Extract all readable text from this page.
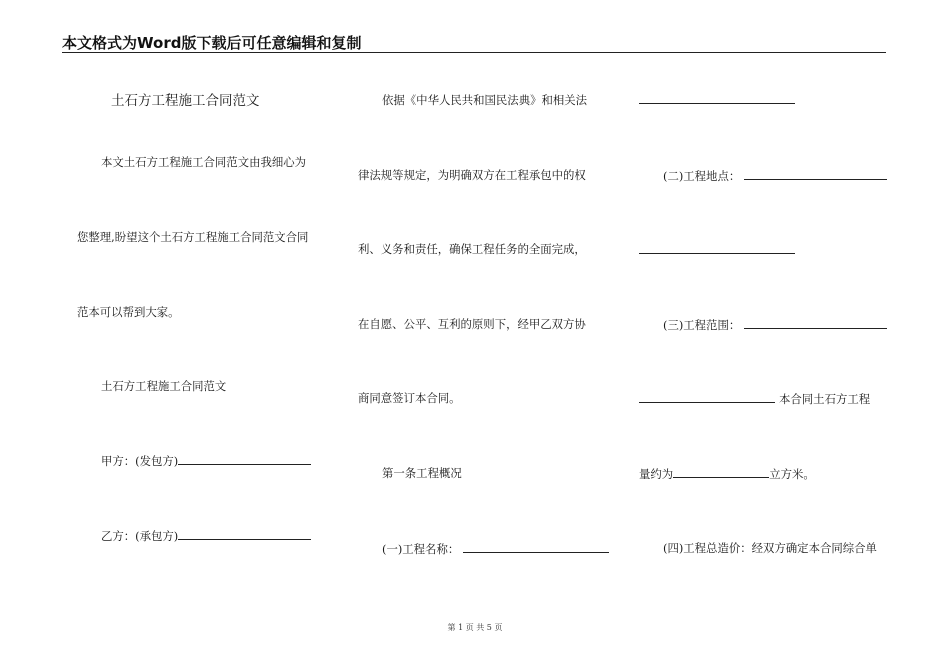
本文格式为Word版下载后可任意编辑和复制
土石方工程施工合同范文
本文土石方工程施工合同范文由我细心为
您整理,盼望这个土石方工程施工合同范文合同
范本可以帮到大家。
土石方工程施工合同范文
甲方：(发包方)
乙方：(承包方)
依据《中华人民共和国民法典》和相关法
律法规等规定，为明确双方在工程承包中的权
利、义务和责任，确保工程任务的全面完成，
在自愿、公平、互利的原则下，经甲乙双方协
商同意签订本合同。
第一条工程概况
(一)工程名称：
(二)工程地点：
(三)工程范围：
本合同土石方工程
量约为	立方米。
(四)工程总造价：经双方确定本合同综合单
第 1 页 共 5 页
